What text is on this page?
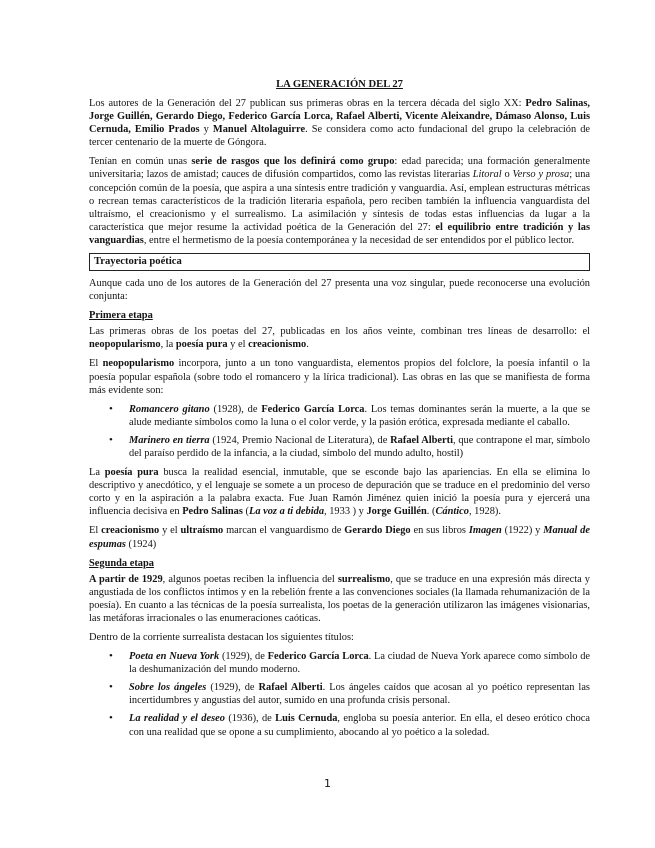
LA GENERACIÓN DEL 27

Los autores de la Generación del 27 publican sus primeras obras en la tercera década del siglo XX: Pedro Salinas, Jorge Guillén, Gerardo Diego, Federico García Lorca, Rafael Alberti, Vicente Aleixandre, Dámaso Alonso, Luis Cernuda, Emilio Prados y Manuel Altolaguirre. Se considera como acto fundacional del grupo la celebración de tercer centenario de la muerte de Góngora.

Tenían en común unas serie de rasgos que los definirá como grupo: edad parecida; una formación generalmente universitaria; lazos de amistad; cauces de difusión compartidos, como las revistas literarias Litoral o Verso y prosa; una concepción común de la poesía, que aspira a una síntesis entre tradición y vanguardia. Así, emplean estructuras métricas o recrean temas característicos de la tradición literaria española, pero reciben también la influencia vanguardista del ultraísmo, el creacionismo y el surrealismo. La asimilación y síntesis de todas estas influencias da lugar a la característica que mejor resume la actividad poética de la Generación del 27: el equilibrio entre tradición y las vanguardias, entre el hermetismo de la poesía contemporánea y la necesidad de ser entendidos por el público lector.

Trayectoria poética

Aunque cada uno de los autores de la Generación del 27 presenta una voz singular, puede reconocerse una evolución conjunta:

Primera etapa

Las primeras obras de los poetas del 27, publicadas en los años veinte, combinan tres líneas de desarrollo: el neopopularismo, la poesía pura y el creacionismo.

El neopopularismo incorpora, junto a un tono vanguardista, elementos propios del folclore, la poesía infantil o la poesía popular española (sobre todo el romancero y la lírica tradicional). Las obras en las que se manifiesta de forma más evidente son:

• Romancero gitano (1928), de Federico García Lorca. Los temas dominantes serán la muerte, a la que se alude mediante símbolos como la luna o el color verde, y la pasión erótica, expresada mediante el caballo.
• Marinero en tierra (1924, Premio Nacional de Literatura), de Rafael Alberti, que contrapone el mar, símbolo del paraíso perdido de la infancia, a la ciudad, símbolo del mundo adulto, hostil)

La poesía pura busca la realidad esencial, inmutable, que se esconde bajo las apariencias. En ella se elimina lo descriptivo y anecdótico, y el lenguaje se somete a un proceso de depuración que se traduce en el predominio del verso corto y en la aspiración a la palabra exacta. Fue Juan Ramón Jiménez quien inició la poesía pura y ejercerá una influencia decisiva en Pedro Salinas (La voz a ti debida, 1933 ) y Jorge Guillén. (Cántico, 1928).

El creacionismo y el ultraísmo marcan el vanguardismo de Gerardo Diego en sus libros Imagen (1922) y Manual de espumas (1924)

Segunda etapa

A partir de 1929, algunos poetas reciben la influencia del surrealismo, que se traduce en una expresión más directa y angustiada de los conflictos íntimos y en la rebelión frente a las convenciones sociales (la llamada rehumanización de la poesía). En cuanto a las técnicas de la poesía surrealista, los poetas de la generación utilizaron las imágenes visionarias, las metáforas irracionales o las enumeraciones caóticas.

Dentro de la corriente surrealista destacan los siguientes títulos:

• Poeta en Nueva York (1929), de Federico García Lorca. La ciudad de Nueva York aparece como símbolo de la deshumanización del mundo moderno.
• Sobre los ángeles (1929), de Rafael Alberti. Los ángeles caídos que acosan al yo poético representan las incertidumbres y angustias del autor, sumido en una profunda crisis personal.
• La realidad y el deseo (1936), de Luis Cernuda, engloba su poesía anterior. En ella, el deseo erótico choca con una realidad que se opone a su cumplimiento, abocando al yo poético a la soledad.
1
